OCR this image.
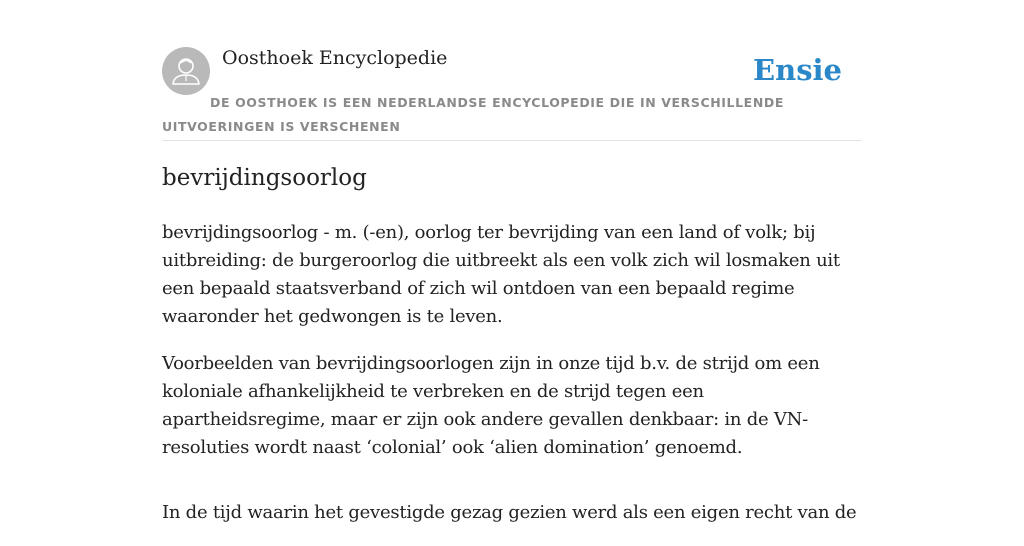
Oosthoek Encyclopedie	Ensie
DE OOSTHOEK IS EEN NEDERLANDSE ENCYCLOPEDIE DIE IN VERSCHILLENDE UITVOERINGEN IS VERSCHENEN
bevrijdingsoorlog

bevrijdingsoorlog - m. (-en), oorlog ter bevrijding van een land of volk; bij uitbreiding: de burgeroorlog die uitbreekt als een volk zich wil losmaken uit een bepaald staatsverband of zich wil ontdoen van een bepaald regime waaronder het gedwongen is te leven.

Voorbeelden van bevrijdingsoorlogen zijn in onze tijd b.v. de strijd om een koloniale afhankelijkheid te verbreken en de strijd tegen een apartheidsregime, maar er zijn ook andere gevallen denkbaar: in de VN-resoluties wordt naast ‘colonial’ ook ‘alien domination’ genoemd.

In de tijd waarin het gevestigde gezag gezien werd als een eigen recht van de
